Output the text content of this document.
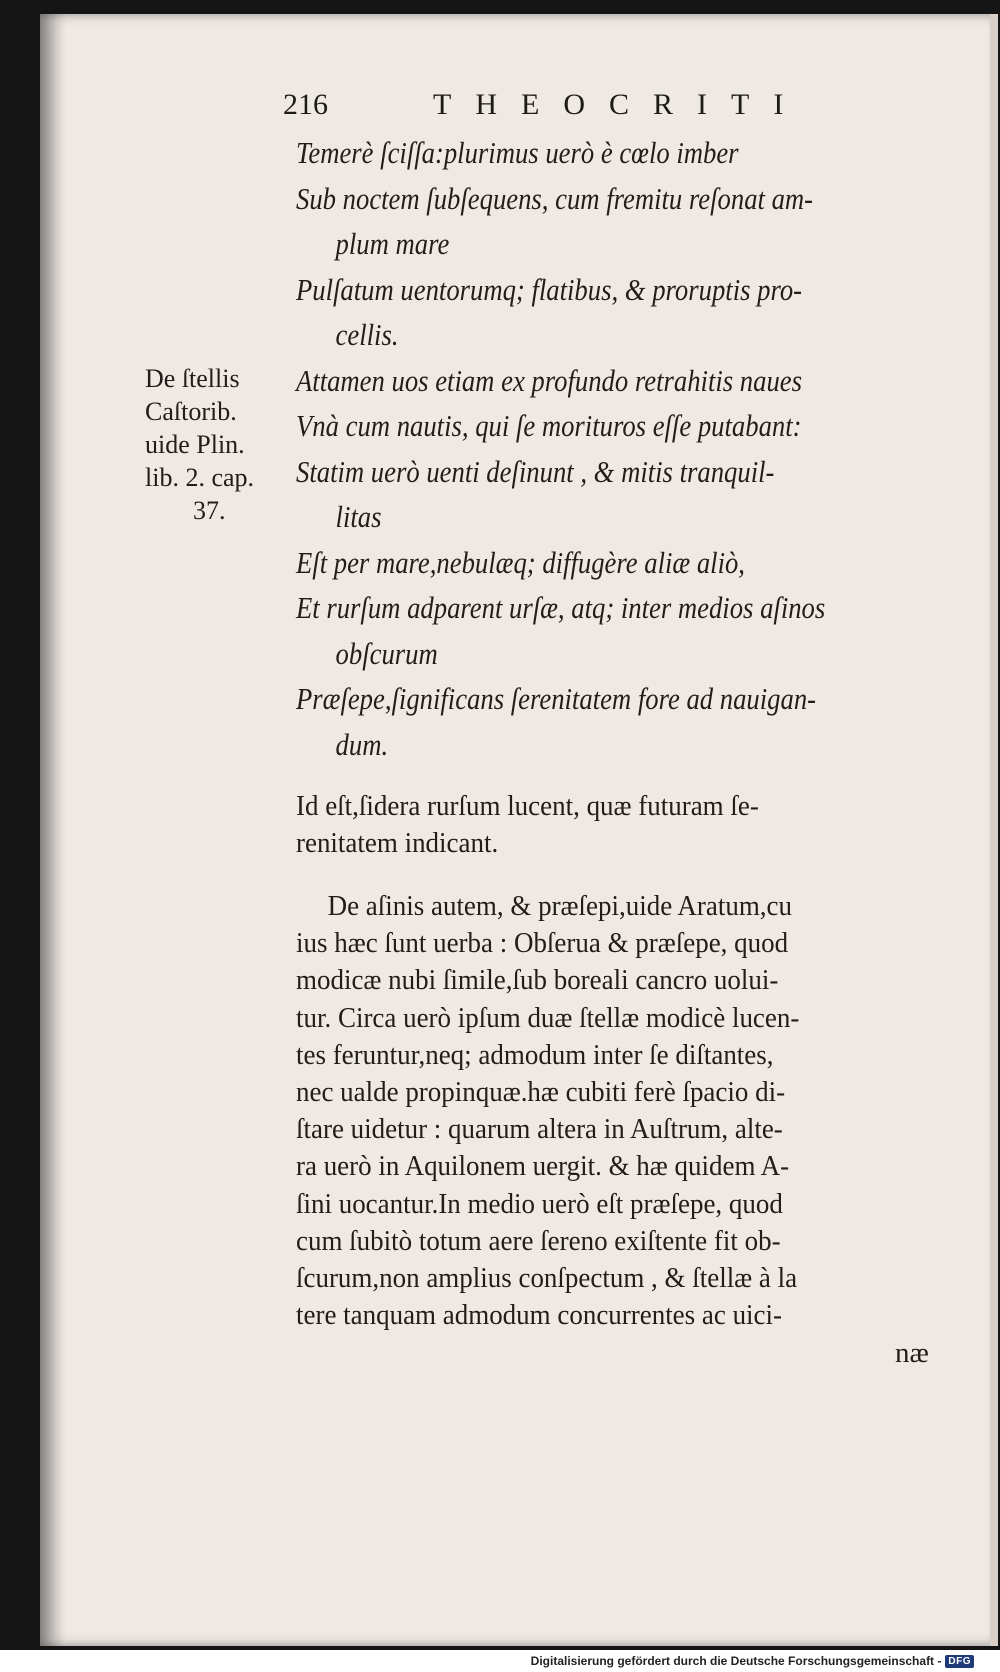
216	THEOCRITI
Temerè ſciſſa:plurimus uerò è cœlo imber
Sub noctem ſubſequens, cum fremitu reſonat am-
plum mare
Pulſatum uentorumq; flatibus, & proruptis pro-
cellis.
Attamen uos etiam ex profundo retrahitis naues
Vnà cum nautis, qui ſe morituros eſſe putabant:
Statim uerò uenti deſinunt , & mitis tranquil-
litas
Eſt per mare,nebulæq; diffugère aliæ aliò,
Et rurſum adparent urſæ, atq; inter medios aſinos
obſcurum
Præſepe,ſignificans ſerenitatem fore ad nauigan-
dum.
De ſtellis
Caſtorib.
uide Plin.
lib. 2. cap.
37.
Id eſt,ſidera rurſum lucent, quæ futuram ſe-
renitatem indicant.
De aſinis autem, & præſepi,uide Aratum,cu
ius hæc ſunt uerba : Obſerua & præſepe, quod
modicæ nubi ſimile,ſub boreali cancro uolui-
tur. Circa uerò ipſum duæ ſtellæ modicè lucen-
tes feruntur,neq; admodum inter ſe diſtantes,
nec ualde propinquæ.hæ cubiti ferè ſpacio di-
ſtare uidetur : quarum altera in Auſtrum, alte-
ra uerò in Aquilonem uergit. & hæ quidem A-
ſini uocantur.In medio uerò eſt præſepe, quod
cum ſubitò totum aere ſereno exiſtente fit ob-
ſcurum,non amplius conſpectum , & ſtellæ à la
tere tanquam admodum concurrentes ac uici-
næ
Digitalisierung gefördert durch die Deutsche Forschungsgemeinschaft - DFG
